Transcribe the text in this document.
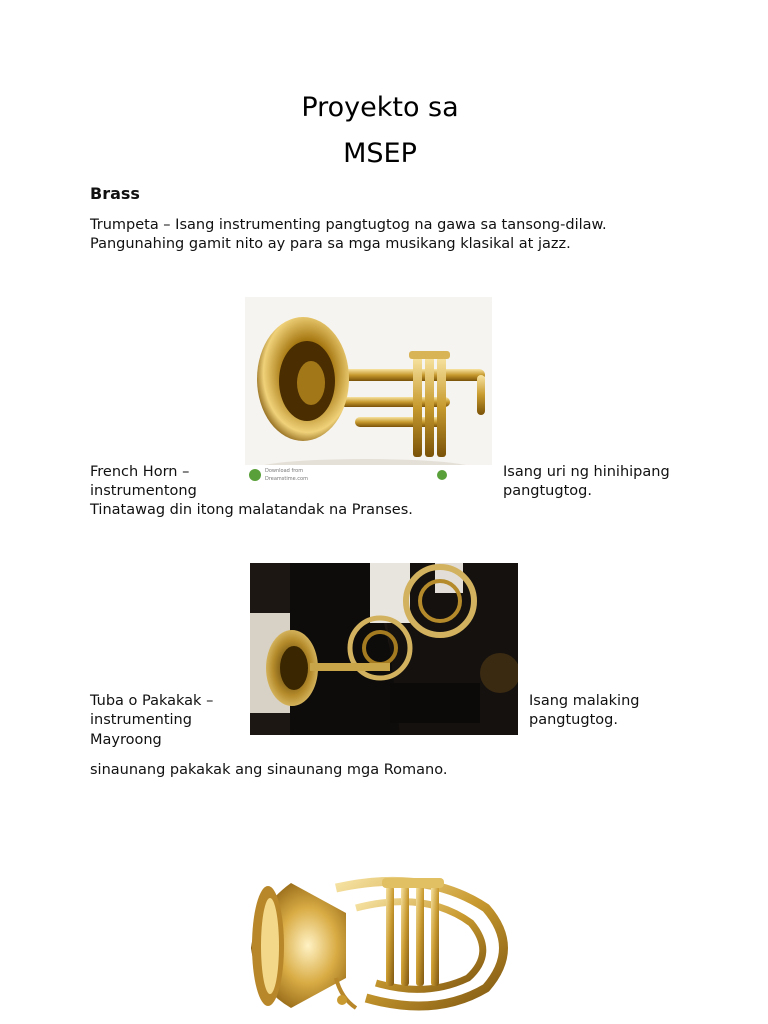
Proyekto sa
MSEP
Brass
Trumpeta – Isang instrumenting pangtugtog na gawa sa tansong-dilaw.
Pangunahing gamit nito ay para sa mga musikang klasikal at jazz.
Download from
Dreamstime.com
French Horn –
instrumentong
Isang uri ng hinihipang
pangtugtog.
Tinatawag din itong malatandak na Pranses.
Tuba o Pakakak –
instrumenting
Mayroong
Isang malaking
pangtugtog.
sinaunang pakakak ang sinaunang mga Romano.
